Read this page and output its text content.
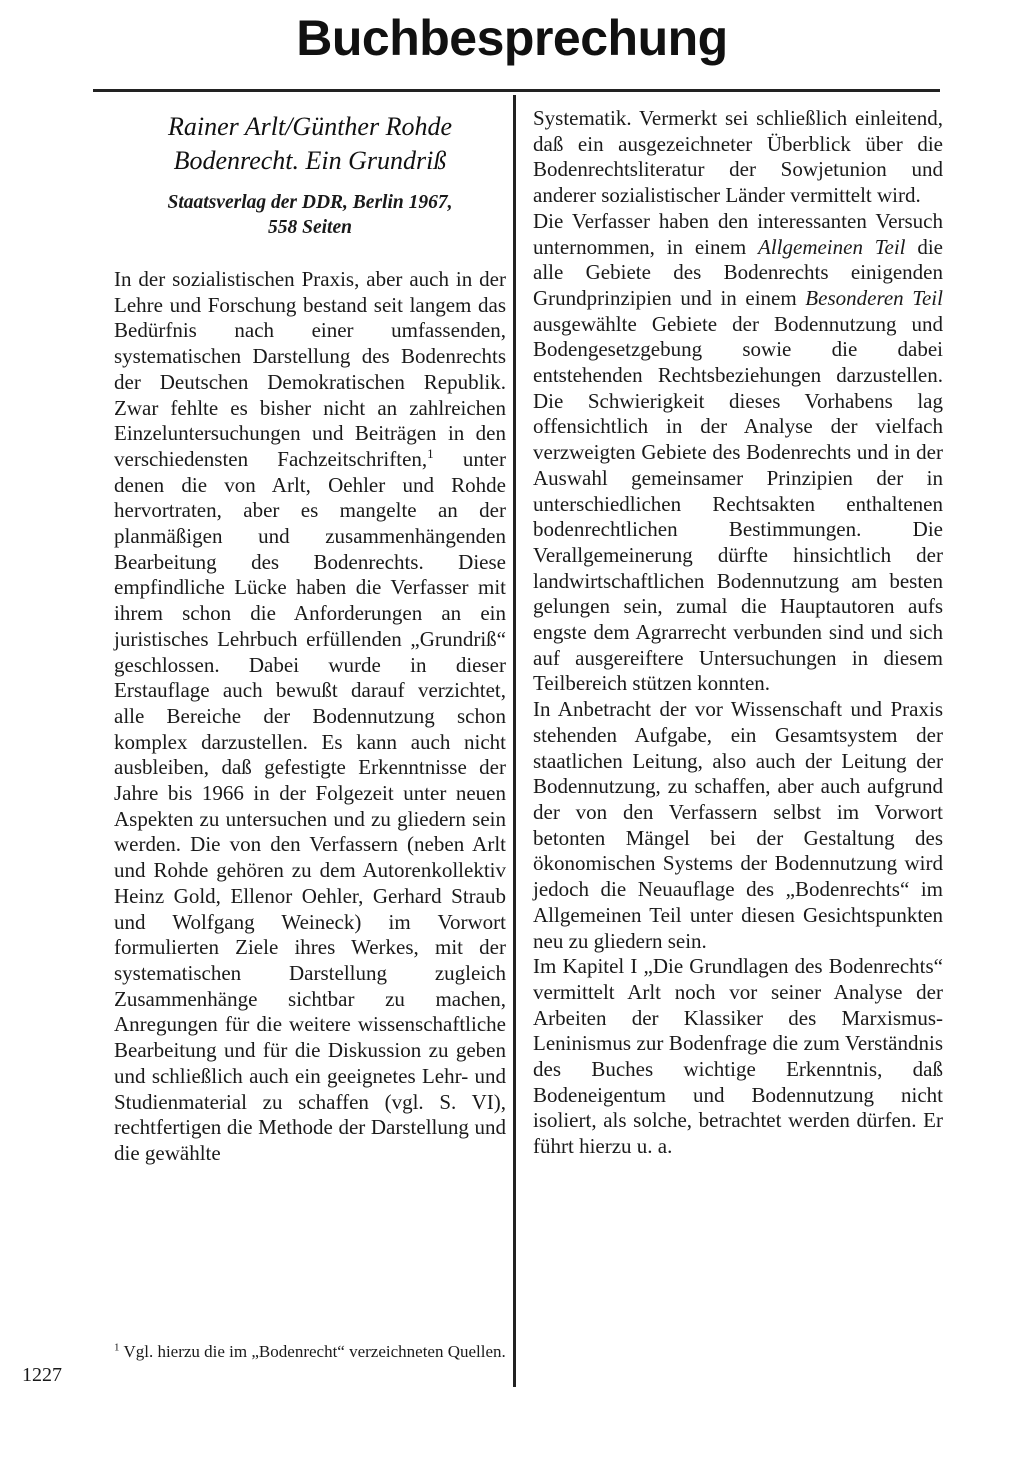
Buchbesprechung
Rainer Arlt/Günther Rohde
Bodenrecht. Ein Grundriß
Staatsverlag der DDR, Berlin 1967,
558 Seiten

In der sozialistischen Praxis, aber auch in der Lehre und Forschung bestand seit langem das Bedürfnis nach einer umfassenden, systematischen Darstellung des Bodenrechts der Deutschen Demokratischen Republik. Zwar fehlte es bisher nicht an zahlreichen Einzeluntersuchungen und Beiträgen in den verschiedensten Fachzeitschriften,$^1$ unter denen die von Arlt, Oehler und Rohde hervortraten, aber es mangelte an der planmäßigen und zusammenhängenden Bearbeitung des Bodenrechts. Diese empfindliche Lücke haben die Verfasser mit ihrem schon die Anforderungen an ein juristisches Lehrbuch erfüllenden „Grundriß“ geschlossen. Dabei wurde in dieser Erstauflage auch bewußt darauf verzichtet, alle Bereiche der Bodennutzung schon komplex darzustellen. Es kann auch nicht ausbleiben, daß gefestigte Erkenntnisse der Jahre bis 1966 in der Folgezeit unter neuen Aspekten zu untersuchen und zu gliedern sein werden. Die von den Verfassern (neben Arlt und Rohde gehören zu dem Autorenkollektiv Heinz Gold, Ellenor Oehler, Gerhard Straub und Wolfgang Weineck) im Vorwort formulierten Ziele ihres Werkes, mit der systematischen Darstellung zugleich Zusammenhänge sichtbar zu machen, Anregungen für die weitere wissenschaftliche Bearbeitung und für die Diskussion zu geben und schließlich auch ein geeignetes Lehr- und Studienmaterial zu schaffen (vgl. S. VI), rechtfertigen die Methode der Darstellung und die gewählte

Systematik. Vermerkt sei schließlich einleitend, daß ein ausgezeichneter Überblick über die Bodenrechtsliteratur der Sowjetunion und anderer sozialistischer Länder vermittelt wird.

Die Verfasser haben den interessanten Versuch unternommen, in einem Allgemeinen Teil die alle Gebiete des Bodenrechts einigenden Grundprinzipien und in einem Besonderen Teil ausgewählte Gebiete der Bodennutzung und Bodengesetzgebung sowie die dabei entstehenden Rechtsbeziehungen darzustellen. Die Schwierigkeit dieses Vorhabens lag offensichtlich in der Analyse der vielfach verzweigten Gebiete des Bodenrechts und in der Auswahl gemeinsamer Prinzipien der in unterschiedlichen Rechtsakten enthaltenen bodenrechtlichen Bestimmungen. Die Verallgemeinerung dürfte hinsichtlich der landwirtschaftlichen Bodennutzung am besten gelungen sein, zumal die Hauptautoren aufs engste dem Agrarrecht verbunden sind und sich auf ausgereiftere Untersuchungen in diesem Teilbereich stützen konnten.

In Anbetracht der vor Wissenschaft und Praxis stehenden Aufgabe, ein Gesamtsystem der staatlichen Leitung, also auch der Leitung der Bodennutzung, zu schaffen, aber auch aufgrund der von den Verfassern selbst im Vorwort betonten Mängel bei der Gestaltung des ökonomischen Systems der Bodennutzung wird jedoch die Neuauflage des „Bodenrechts“ im Allgemeinen Teil unter diesen Gesichtspunkten neu zu gliedern sein.

Im Kapitel I „Die Grundlagen des Bodenrechts“ vermittelt Arlt noch vor seiner Analyse der Arbeiten der Klassiker des Marxismus-Leninismus zur Bodenfrage die zum Verständnis des Buches wichtige Erkenntnis, daß Bodeneigentum und Bodennutzung nicht isoliert, als solche, betrachtet werden dürfen. Er führt hierzu u. a.

$^1$ Vgl. hierzu die im „Bodenrecht“ verzeichneten Quellen.
1227
